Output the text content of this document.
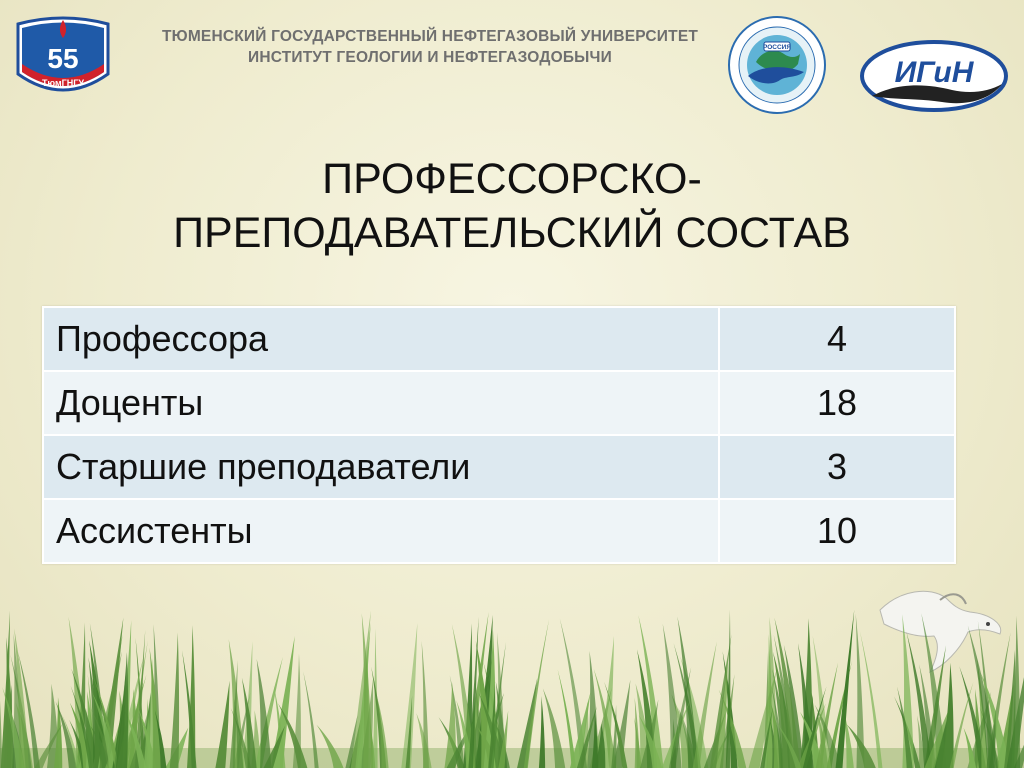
55
ТюмГНГУ
ТЮМЕНСКИЙ ГОСУДАРСТВЕННЫЙ НЕФТЕГАЗОВЫЙ УНИВЕРСИТЕТ
ИНСТИТУТ ГЕОЛОГИИ И НЕФТЕГАЗОДОБЫЧИ
РОССИЯ
ИГиН
ПРОФЕССОРСКО-
ПРЕПОДАВАТЕЛЬСКИЙ СОСТАВ
Профессора	4
Доценты	18
Старшие преподаватели	3
Ассистенты	10
